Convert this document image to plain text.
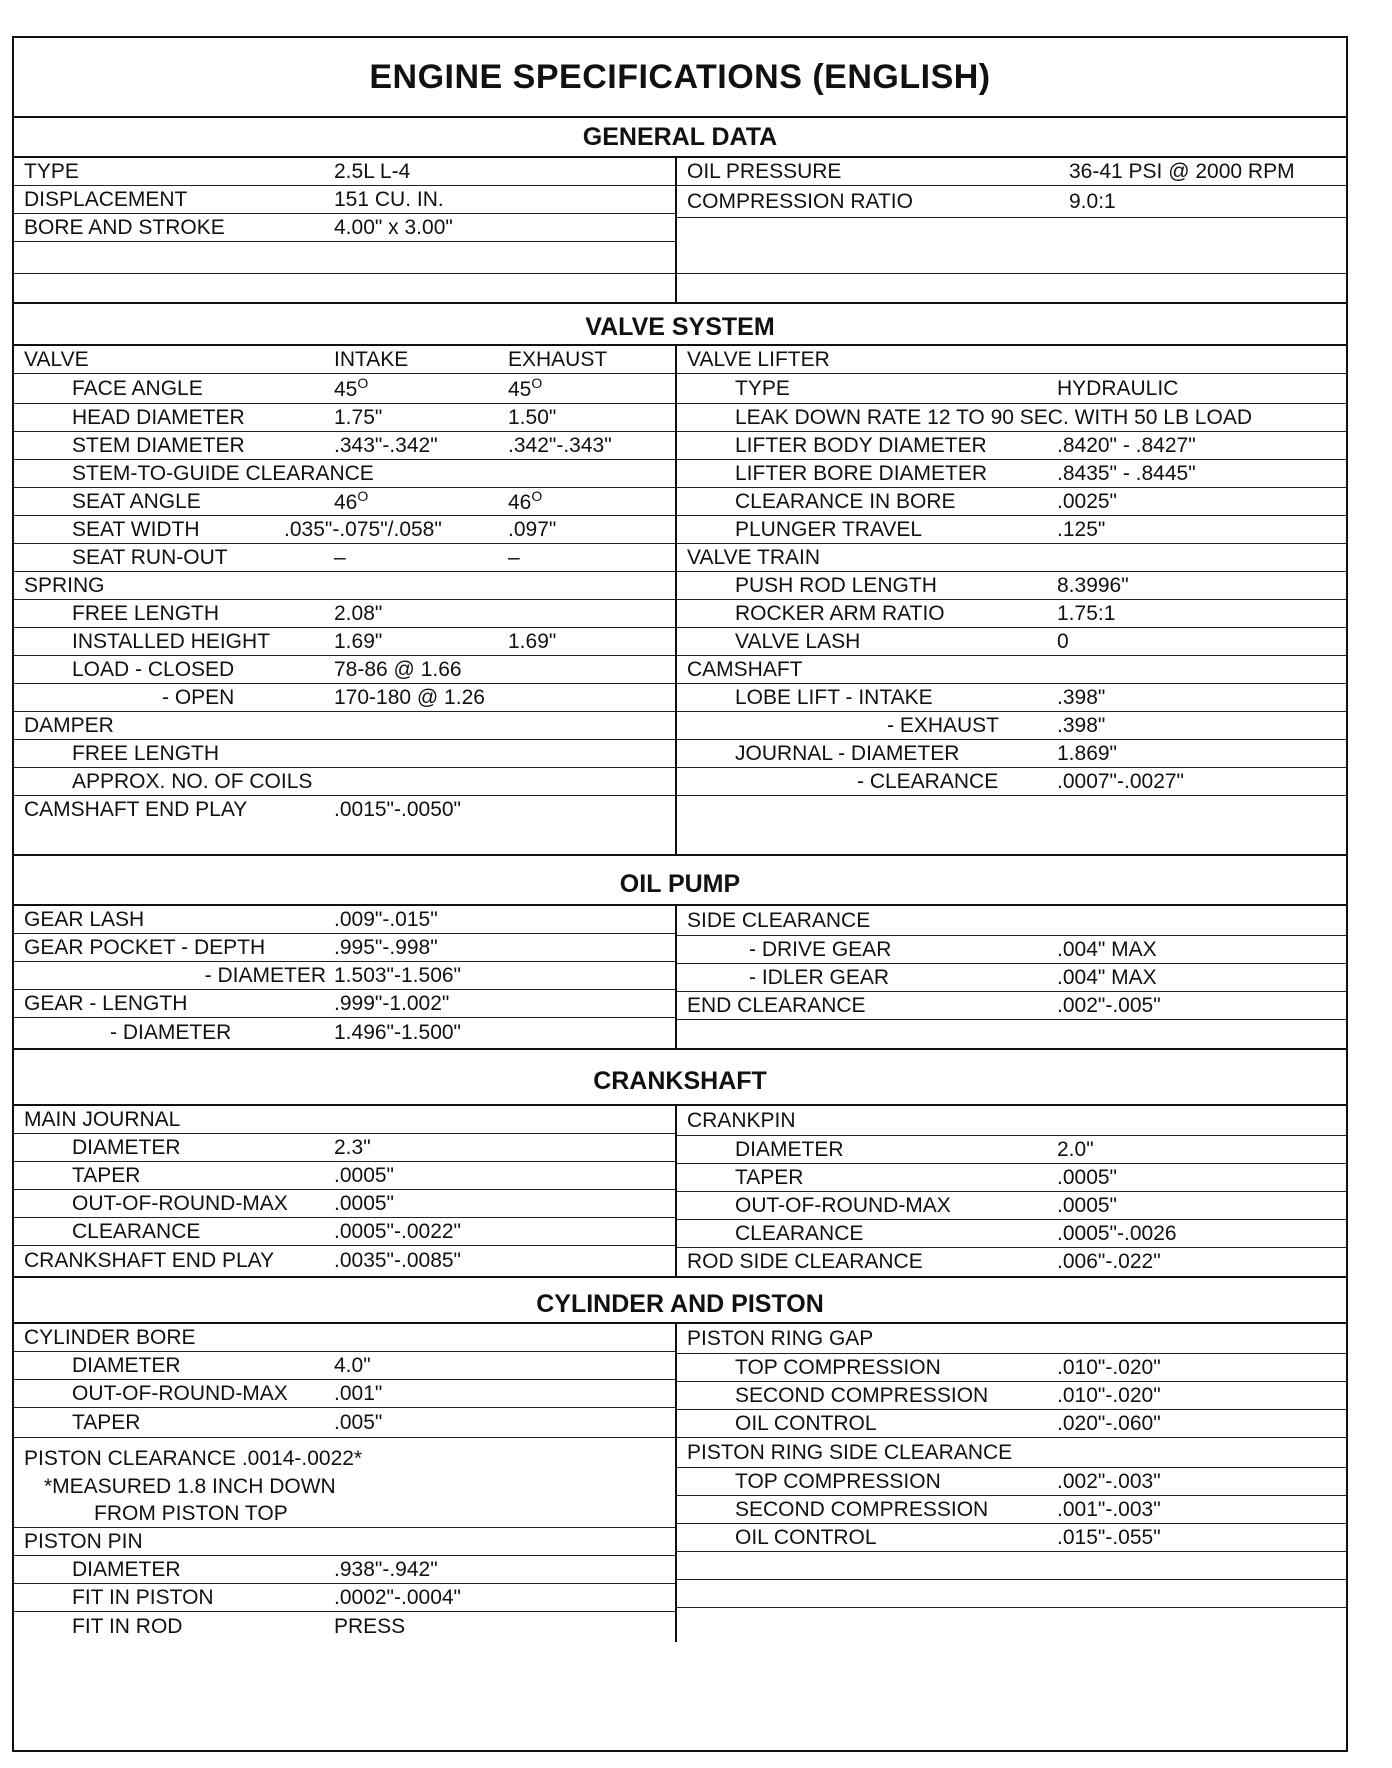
ENGINE SPECIFICATIONS (ENGLISH)
GENERAL DATA
TYPE	2.5L L-4
DISPLACEMENT	151 CU. IN.
BORE AND STROKE	4.00" x 3.00"
OIL PRESSURE	36-41 PSI @ 2000 RPM
COMPRESSION RATIO	9.0:1
VALVE SYSTEM
VALVE	INTAKE	EXHAUST
FACE ANGLE	$45^O$	$45^O$
HEAD DIAMETER	1.75"	1.50"
STEM DIAMETER	.343"-.342"	.342"-.343"
STEM-TO-GUIDE CLEARANCE
SEAT ANGLE	$46^O$	$46^O$
SEAT WIDTH	.035"-.075"/.058"	.097"
SEAT RUN-OUT	–	–
SPRING
FREE LENGTH	2.08"
INSTALLED HEIGHT	1.69"	1.69"
LOAD - CLOSED	78-86 @ 1.66
- OPEN	170-180 @ 1.26
DAMPER
FREE LENGTH
APPROX. NO. OF COILS
CAMSHAFT END PLAY	.0015"-.0050"
VALVE LIFTER
TYPE	HYDRAULIC
LEAK DOWN RATE 12 TO 90 SEC. WITH 50 LB LOAD
LIFTER BODY DIAMETER	.8420" - .8427"
LIFTER BORE DIAMETER	.8435" - .8445"
CLEARANCE IN BORE	.0025"
PLUNGER TRAVEL	.125"
VALVE TRAIN
PUSH ROD LENGTH	8.3996"
ROCKER ARM RATIO	1.75:1
VALVE LASH	0
CAMSHAFT
LOBE LIFT - INTAKE	.398"
- EXHAUST	.398"
JOURNAL - DIAMETER	1.869"
- CLEARANCE	.0007"-.0027"
OIL PUMP
GEAR LASH	.009"-.015"
GEAR POCKET - DEPTH	.995"-.998"
- DIAMETER 1.503"-1.506"
GEAR - LENGTH	.999"-1.002"
- DIAMETER	1.496"-1.500"
SIDE CLEARANCE
- DRIVE GEAR	.004" MAX
- IDLER GEAR	.004" MAX
END CLEARANCE	.002"-.005"
CRANKSHAFT
MAIN JOURNAL
DIAMETER	2.3"
TAPER	.0005"
OUT-OF-ROUND-MAX	.0005"
CLEARANCE	.0005"-.0022"
CRANKSHAFT END PLAY	.0035"-.0085"
CRANKPIN
DIAMETER	2.0"
TAPER	.0005"
OUT-OF-ROUND-MAX	.0005"
CLEARANCE	.0005"-.0026
ROD SIDE CLEARANCE	.006"-.022"
CYLINDER AND PISTON
CYLINDER BORE
DIAMETER	4.0"
OUT-OF-ROUND-MAX	.001"
TAPER	.005"
PISTON CLEARANCE .0014-.0022*
*MEASURED 1.8 INCH DOWN
FROM PISTON TOP
PISTON PIN
DIAMETER	.938"-.942"
FIT IN PISTON	.0002"-.0004"
FIT IN ROD	PRESS
PISTON RING GAP
TOP COMPRESSION	.010"-.020"
SECOND COMPRESSION	.010"-.020"
OIL CONTROL	.020"-.060"
PISTON RING SIDE CLEARANCE
TOP COMPRESSION	.002"-.003"
SECOND COMPRESSION	.001"-.003"
OIL CONTROL	.015"-.055"
